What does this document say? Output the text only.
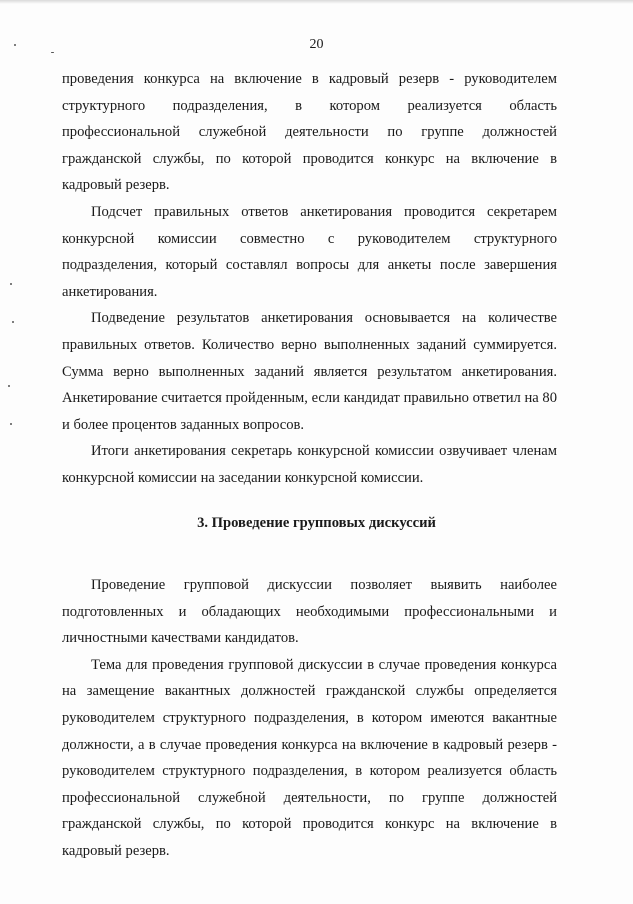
20

проведения конкурса на включение в кадровый резерв - руководителем структурного подразделения, в котором реализуется область профессиональной служебной деятельности по группе должностей гражданской службы, по которой проводится конкурс на включение в кадровый резерв.

Подсчет правильных ответов анкетирования проводится секретарем конкурсной комиссии совместно с руководителем структурного подразделения, который составлял вопросы для анкеты после завершения анкетирования.

Подведение результатов анкетирования основывается на количестве правильных ответов. Количество верно выполненных заданий суммируется. Сумма верно выполненных заданий является результатом анкетирования. Анкетирование считается пройденным, если кандидат правильно ответил на 80 и более процентов заданных вопросов.

Итоги анкетирования секретарь конкурсной комиссии озвучивает членам конкурсной комиссии на заседании конкурсной комиссии.

3. Проведение групповых дискуссий

Проведение групповой дискуссии позволяет выявить наиболее подготовленных и обладающих необходимыми профессиональными и личностными качествами кандидатов.

Тема для проведения групповой дискуссии в случае проведения конкурса на замещение вакантных должностей гражданской службы определяется руководителем структурного подразделения, в котором имеются вакантные должности, а в случае проведения конкурса на включение в кадровый резерв - руководителем структурного подразделения, в котором реализуется область профессиональной служебной деятельности, по группе должностей гражданской службы, по которой проводится конкурс на включение в кадровый резерв.
